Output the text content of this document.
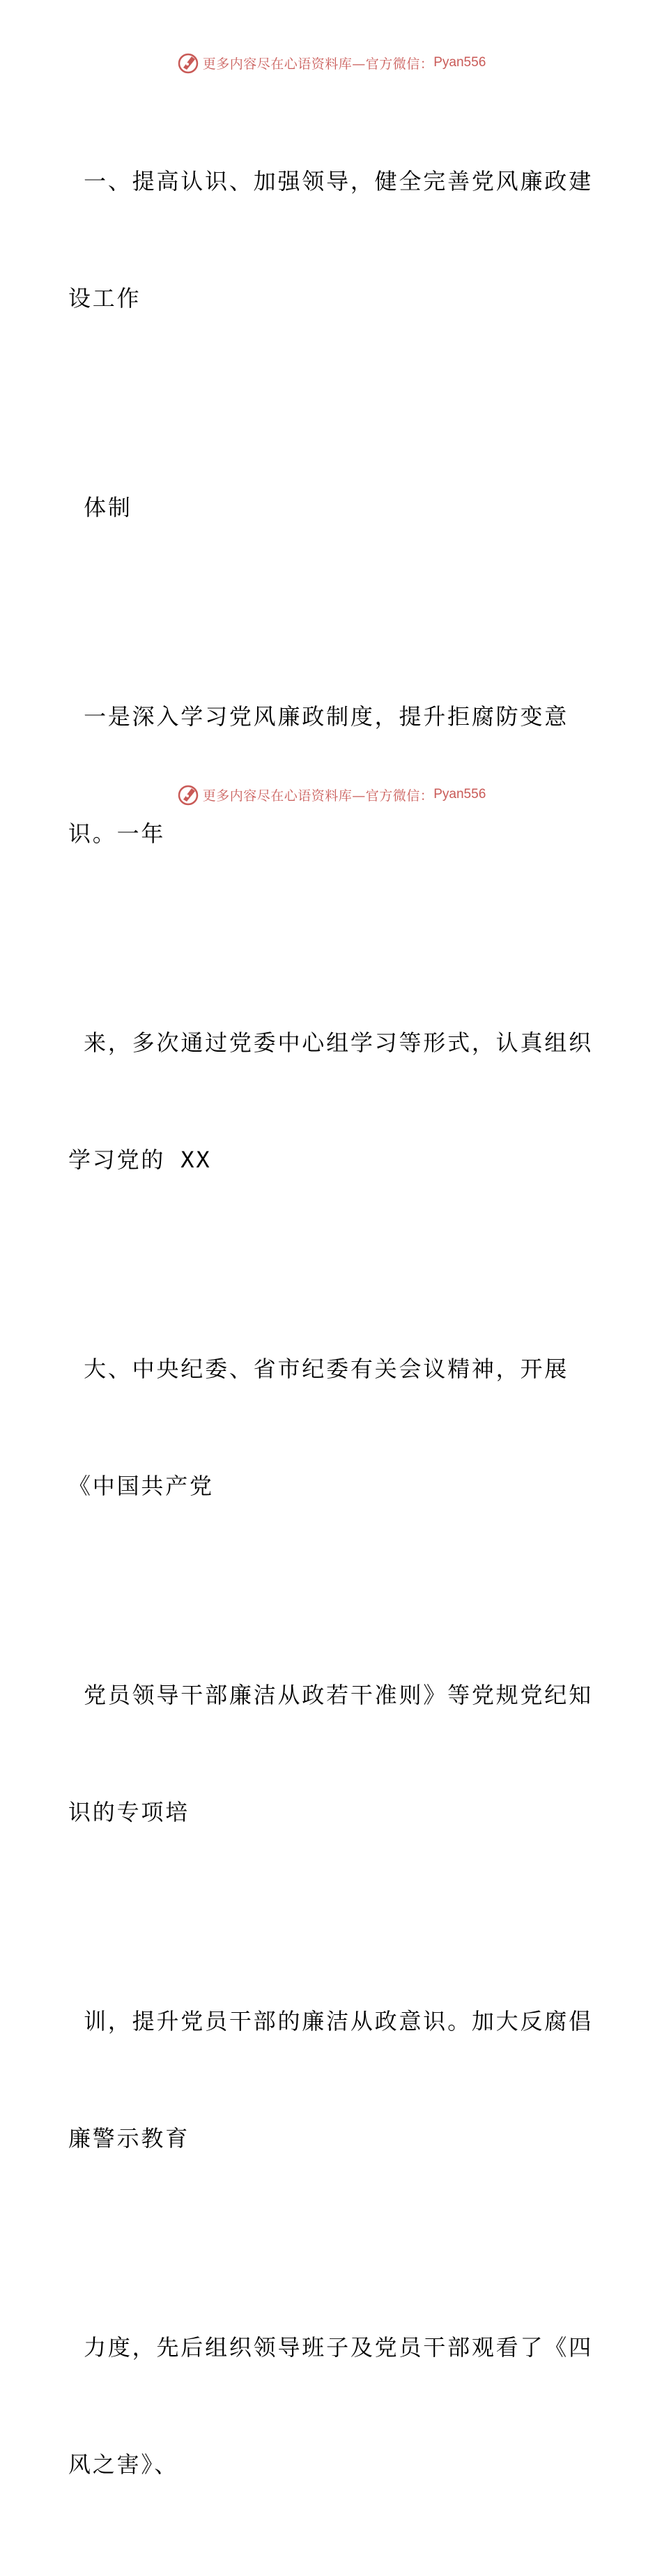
更多内容尽在心语资料库—官方微信： Pyan556

一、提高认识、加强领导，健全完善党风廉政建

设工作

体制

一是深入学习党风廉政制度，提升拒腐防变意

识。一年

来，多次通过党委中心组学习等形式，认真组织

学习党的 XX

大、中央纪委、省市纪委有关会议精神，开展

《中国共产党

党员领导干部廉洁从政若干准则》等党规党纪知

识的专项培

训，提升党员干部的廉洁从政意识。加大反腐倡

廉警示教育

力度，先后组织领导班子及党员干部观看了《四

风之害》、

更多内容尽在心语资料库—官方微信： Pyan556
